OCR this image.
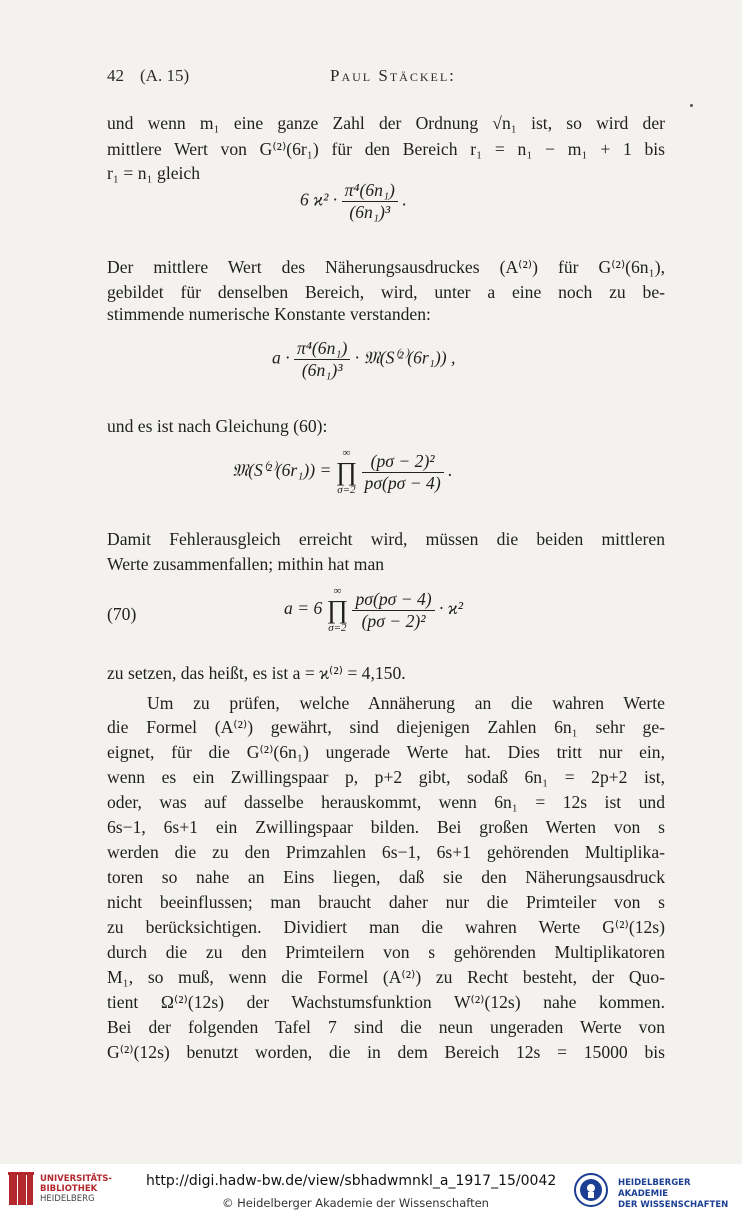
42 (A. 15)	Paul Stäckel:
und wenn m₁ eine ganze Zahl der Ordnung √n₁ ist, so wird der
mittlere Wert von G⁽²⁾(6r₁) für den Bereich r₁ = n₁ − m₁ + 1 bis
r₁ = n₁ gleich
6 $ϰ^2 \cdot \frac{\text{π⁴(6n₁)}}{\text{(6n₁)³}}$ .
Der mittlere Wert des Näherungsausdruckes (A⁽²⁾) für G⁽²⁾(6n₁),
gebildet für denselben Bereich, wird, unter a eine noch zu be-
stimmende numerische Konstante verstanden:
$a \cdot \frac{\text{π⁴(6n₁)}}{\text{(6n₁)³}}$ · 𝔐(S⁽²⁾(6r₁)) ,
und es ist nach Gleichung (60):
𝔐(S⁽²⁾(6r₁)) =
∞
∏
σ=2
$\frac{\text{(pσ − 2)²}}{p\sigma(p\sigma - 4)}$ .
Damit Fehlerausgleich erreicht wird, müssen die beiden mittleren
Werte zusammenfallen; mithin hat man
(70)	a = 6
∞
∏
σ=2
$\frac{p\sigma(p\sigma - 4)}{\text{(pσ − 2)²}} \cdot ϰ^2$
zu setzen, das heißt, es ist a = ϰ⁽²⁾ = 4,150.
Um zu prüfen, welche Annäherung an die wahren Werte
die Formel (A⁽²⁾) gewährt, sind diejenigen Zahlen 6n₁ sehr ge-
eignet, für die G⁽²⁾(6n₁) ungerade Werte hat. Dies tritt nur ein,
wenn es ein Zwillingspaar p, p+2 gibt, sodaß 6n₁ = 2p+2 ist,
oder, was auf dasselbe herauskommt, wenn 6n₁ = 12s ist und
6s−1, 6s+1 ein Zwillingspaar bilden. Bei großen Werten von s
werden die zu den Primzahlen 6s−1, 6s+1 gehörenden Multiplika-
toren so nahe an Eins liegen, daß sie den Näherungsausdruck
nicht beeinflussen; man braucht daher nur die Primteiler von s
zu berücksichtigen. Dividiert man die wahren Werte G⁽²⁾(12s)
durch die zu den Primteilern von s gehörenden Multiplikatoren
M₁, so muß, wenn die Formel (A⁽²⁾) zu Recht besteht, der Quo-
tient Ω⁽²⁾(12s) der Wachstumsfunktion W⁽²⁾(12s) nahe kommen.
Bei der folgenden Tafel 7 sind die neun ungeraden Werte von
G⁽²⁾(12s) benutzt worden, die in dem Bereich 12s = 15000 bis
UNIVERSITÄTS-
BIBLIOTHEK
HEIDELBERG
http://digi.hadw-bw.de/view/sbhadwmnkl_a_1917_15/0042
© Heidelberger Akademie der Wissenschaften
HEIDELBERGER AKADEMIE
DER WISSENSCHAFTEN
